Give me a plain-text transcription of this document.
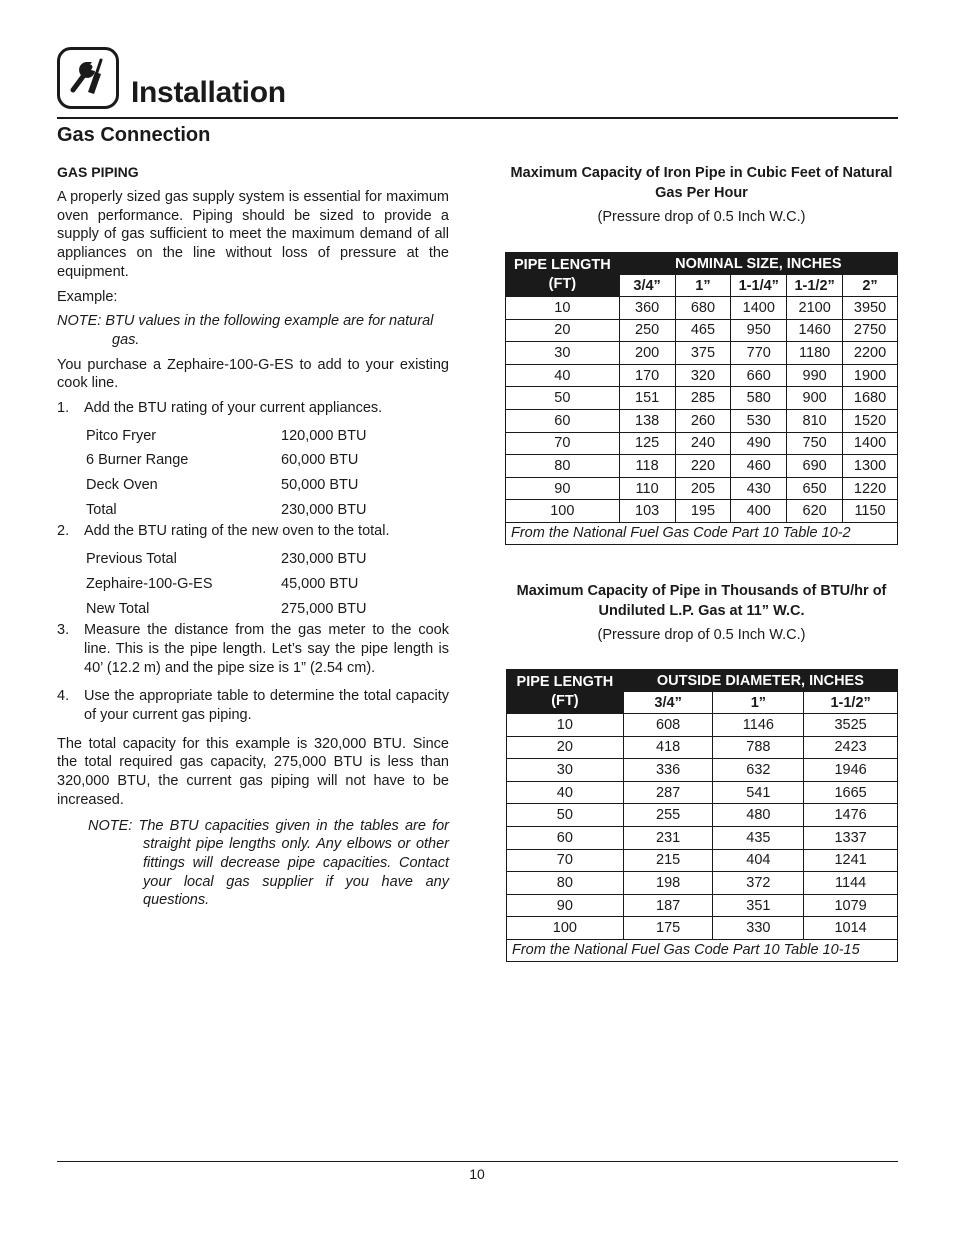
Installation
Gas Connection
GAS PIPING

A properly sized gas supply system is essential for maximum oven performance. Piping should be sized to provide a supply of gas sufficient to meet the maximum demand of all appliances on the line without loss of pressure at the equipment.

Example:

NOTE: BTU values in the following example are for natural gas.

You purchase a Zephaire-100-G-ES to add to your existing cook line.

1. Add the BTU rating of your current appliances.
Pitco Fryer	120,000 BTU
6 Burner Range	60,000 BTU
Deck Oven	50,000 BTU
Total	230,000 BTU
2. Add the BTU rating of the new oven to the total.
Previous Total	230,000 BTU
Zephaire-100-G-ES	45,000 BTU
New Total	275,000 BTU
3. Measure the distance from the gas meter to the cook line. This is the pipe length. Let’s say the pipe length is 40’ (12.2 m) and the pipe size is 1” (2.54 cm).
4. Use the appropriate table to determine the total capacity of your current gas piping.

The total capacity for this example is 320,000 BTU. Since the total required gas capacity, 275,000 BTU is less than 320,000 BTU, the current gas piping will not have to be increased.

NOTE: The BTU capacities given in the tables are for straight pipe lengths only. Any elbows or other fittings will decrease pipe capacities. Contact your local gas supplier if you have any questions.

Maximum Capacity of Iron Pipe in Cubic Feet of Natural Gas Per Hour
(Pressure drop of 0.5 Inch W.C.)
PIPE LENGTH (FT)	NOMINAL SIZE, INCHES				
	3/4”	1”	1-1/4”	1-1/2”	2”
10	360	680	1400	2100	3950
20	250	465	950	1460	2750
30	200	375	770	1180	2200
40	170	320	660	990	1900
50	151	285	580	900	1680
60	138	260	530	810	1520
70	125	240	490	750	1400
80	118	220	460	690	1300
90	110	205	430	650	1220
100	103	195	400	620	1150
From the National Fuel Gas Code Part 10 Table 10-2					
Maximum Capacity of Pipe in Thousands of BTU/hr of Undiluted L.P. Gas at 11” W.C.
(Pressure drop of 0.5 Inch W.C.)
PIPE LENGTH (FT)	OUTSIDE DIAMETER, INCHES		
	3/4”	1”	1-1/2”
10	608	1146	3525
20	418	788	2423
30	336	632	1946
40	287	541	1665
50	255	480	1476
60	231	435	1337
70	215	404	1241
80	198	372	1144
90	187	351	1079
100	175	330	1014
From the National Fuel Gas Code Part 10 Table 10-15			
10
